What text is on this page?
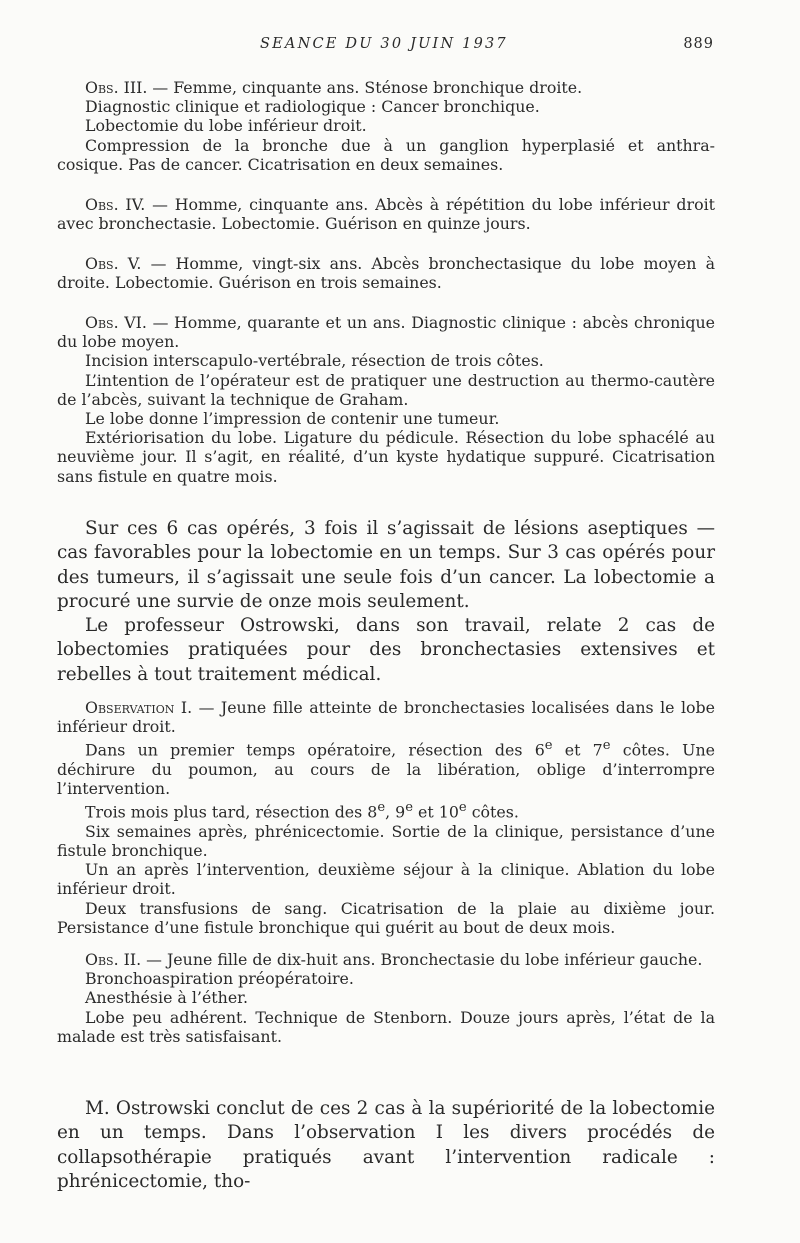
SEANCE DU 30 JUIN 1937	889

Obs. III. — Femme, cinquante ans. Sténose bronchique droite.

Diagnostic clinique et radiologique : Cancer bronchique.

Lobectomie du lobe inférieur droit.

Compression de la bronche due à un ganglion hyperplasié et anthra-

cosique. Pas de cancer. Cicatrisation en deux semaines.

Obs. IV. — Homme, cinquante ans. Abcès à répétition du lobe inférieur droit avec bronchectasie. Lobectomie. Guérison en quinze jours.

Obs. V. — Homme, vingt-six ans. Abcès bronchectasique du lobe moyen à droite. Lobectomie. Guérison en trois semaines.

Obs. VI. — Homme, quarante et un ans. Diagnostic clinique : abcès chronique du lobe moyen.

Incision interscapulo-vertébrale, résection de trois côtes.

L’intention de l’opérateur est de pratiquer une destruction au thermo-cautère de l’abcès, suivant la technique de Graham.

Le lobe donne l’impression de contenir une tumeur.

Extériorisation du lobe. Ligature du pédicule. Résection du lobe sphacélé au neuvième jour. Il s’agit, en réalité, d’un kyste hydatique suppuré. Cicatrisation sans fistule en quatre mois.

Sur ces 6 cas opérés, 3 fois il s’agissait de lésions aseptiques — cas favorables pour la lobectomie en un temps. Sur 3 cas opérés pour des tumeurs, il s’agissait une seule fois d’un cancer. La lobectomie a procuré une survie de onze mois seulement.

Le professeur Ostrowski, dans son travail, relate 2 cas de lobectomies pratiquées pour des bronchectasies extensives et rebelles à tout traitement médical.

Observation I. — Jeune fille atteinte de bronchectasies localisées dans le lobe inférieur droit.

Dans un premier temps opératoire, résection des 6e et 7e côtes. Une déchirure du poumon, au cours de la libération, oblige d’interrompre l’intervention.

Trois mois plus tard, résection des 8e, 9e et 10e côtes.

Six semaines après, phrénicectomie. Sortie de la clinique, persistance d’une fistule bronchique.

Un an après l’intervention, deuxième séjour à la clinique. Ablation du lobe inférieur droit.

Deux transfusions de sang. Cicatrisation de la plaie au dixième jour. Persistance d’une fistule bronchique qui guérit au bout de deux mois.

Obs. II. — Jeune fille de dix-huit ans. Bronchectasie du lobe inférieur gauche.

Bronchoaspiration préopératoire.

Anesthésie à l’éther.

Lobe peu adhérent. Technique de Stenborn. Douze jours après, l’état de la malade est très satisfaisant.

M. Ostrowski conclut de ces 2 cas à la supériorité de la lobectomie en un temps. Dans l’observation I les divers procédés de collapsothérapie pratiqués avant l’intervention radicale : phrénicectomie, tho-
